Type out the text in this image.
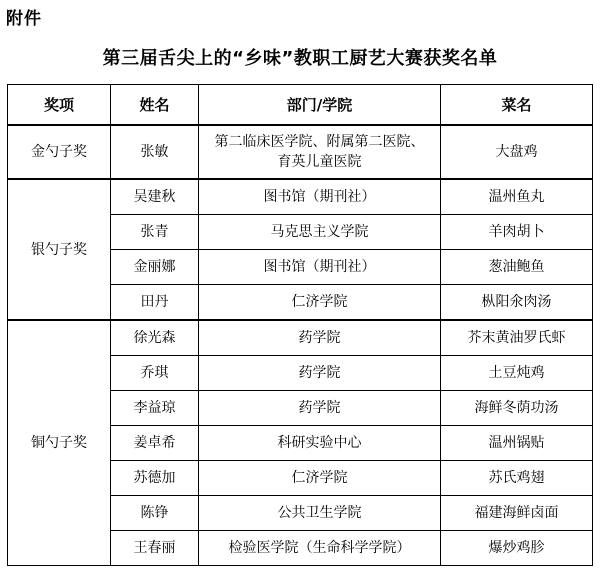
附件
第三届舌尖上的“乡味”教职工厨艺大赛获奖名单
奖项	姓名	部门/学院	菜名
金勺子奖	张敏	第二临床医学院、附属第二医院、育英儿童医院	大盘鸡
银勺子奖	吴建秋	图书馆（期刊社）	温州鱼丸
	张青	马克思主义学院	羊肉胡卜
	金丽娜	图书馆（期刊社）	葱油鲍鱼
	田丹	仁济学院	枞阳氽肉汤
铜勺子奖	徐光森	药学院	芥末黄油罗氏虾
	乔琪	药学院	土豆炖鸡
	李益琼	药学院	海鲜冬荫功汤
	姜卓希	科研实验中心	温州锅贴
	苏德加	仁济学院	苏氏鸡翅
	陈铮	公共卫生学院	福建海鲜卤面
	王春丽	检验医学院（生命科学学院）	爆炒鸡胗
